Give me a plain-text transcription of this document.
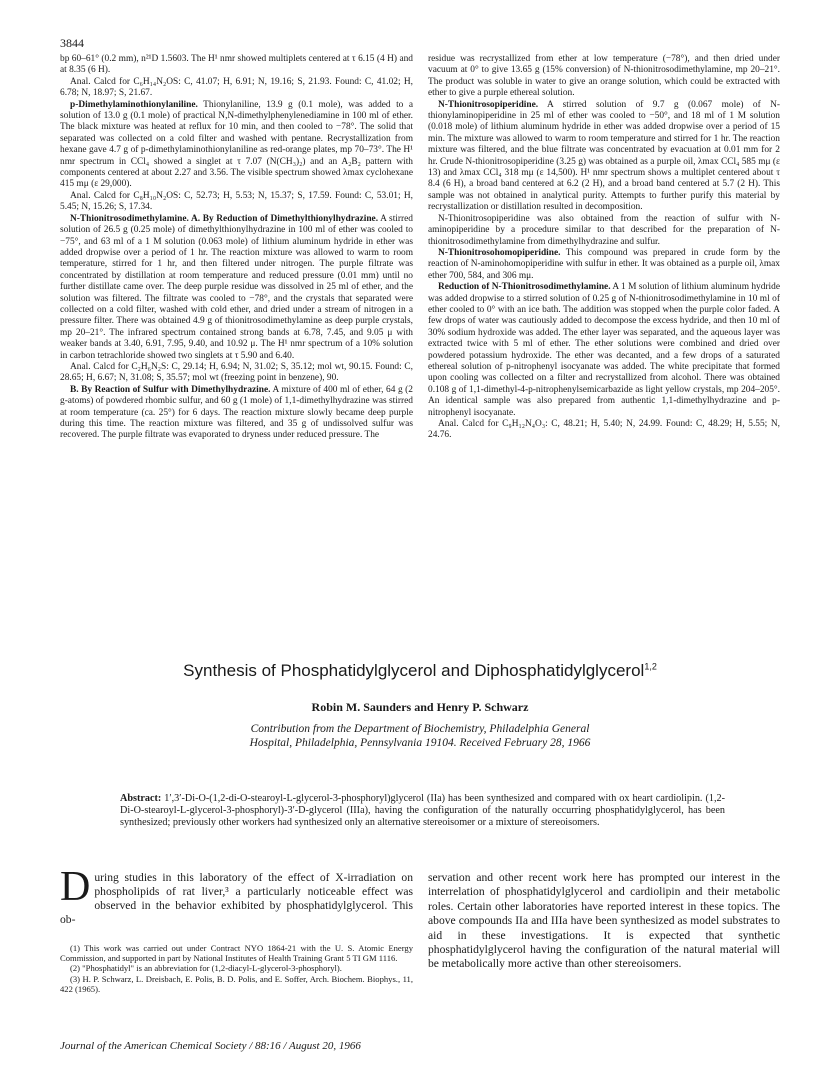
3844

bp 60–61° (0.2 mm), n²¹D 1.5603. The H¹ nmr showed multiplets centered at τ 6.15 (4 H) and at 8.35 (6 H).

Anal. Calcd for C₆H₁₄N₂OS: C, 41.07; H, 6.91; N, 19.16; S, 21.93. Found: C, 41.02; H, 6.78; N, 18.97; S, 21.67.

p-Dimethylaminothionylaniline. Thionylaniline, 13.9 g (0.1 mole), was added to a solution of 13.0 g (0.1 mole) of practical N,N-dimethylphenylenediamine in 100 ml of ether. The black mixture was heated at reflux for 10 min, and then cooled to −78°. The solid that separated was collected on a cold filter and washed with pentane. Recrystallization from hexane gave 4.7 g of p-dimethylaminothionylaniline as red-orange plates, mp 70–73°. The H¹ nmr spectrum in CCl₄ showed a singlet at τ 7.07 (N(CH₃)₂) and an A₂B₂ pattern with components centered at about 2.27 and 3.56. The visible spectrum showed λmax cyclohexane 415 mμ (ε 29,000).

Anal. Calcd for C₈H₁₀N₂OS: C, 52.73; H, 5.53; N, 15.37; S, 17.59. Found: C, 53.01; H, 5.45; N, 15.26; S, 17.34.

N-Thionitrosodimethylamine. A. By Reduction of Dimethylthionylhydrazine. A stirred solution of 26.5 g (0.25 mole) of dimethylthionylhydrazine in 100 ml of ether was cooled to −75°, and 63 ml of a 1 M solution (0.063 mole) of lithium aluminum hydride in ether was added dropwise over a period of 1 hr. The reaction mixture was allowed to warm to room temperature, stirred for 1 hr, and then filtered under nitrogen. The purple filtrate was concentrated by distillation at room temperature and reduced pressure (0.01 mm) until no further distillate came over. The deep purple residue was dissolved in 25 ml of ether, and the solution was filtered. The filtrate was cooled to −78°, and the crystals that separated were collected on a cold filter, washed with cold ether, and dried under a stream of nitrogen in a pressure filter. There was obtained 4.9 g of thionitrosodimethylamine as deep purple crystals, mp 20–21°. The infrared spectrum contained strong bands at 6.78, 7.45, and 9.05 μ with weaker bands at 3.40, 6.91, 7.95, 9.40, and 10.92 μ. The H¹ nmr spectrum of a 10% solution in carbon tetrachloride showed two singlets at τ 5.90 and 6.40.

Anal. Calcd for C₂H₆N₂S: C, 29.14; H, 6.94; N, 31.02; S, 35.12; mol wt, 90.15. Found: C, 28.65; H, 6.67; N, 31.08; S, 35.57; mol wt (freezing point in benzene), 90.

B. By Reaction of Sulfur with Dimethylhydrazine. A mixture of 400 ml of ether, 64 g (2 g-atoms) of powdered rhombic sulfur, and 60 g (1 mole) of 1,1-dimethylhydrazine was stirred at room temperature (ca. 25°) for 6 days. The reaction mixture slowly became deep purple during this time. The reaction mixture was filtered, and 35 g of undissolved sulfur was recovered. The purple filtrate was evaporated to dryness under reduced pressure. The

residue was recrystallized from ether at low temperature (−78°), and then dried under vacuum at 0° to give 13.65 g (15% conversion) of N-thionitrosodimethylamine, mp 20–21°. The product was soluble in water to give an orange solution, which could be extracted with ether to give a purple ethereal solution.

N-Thionitrosopiperidine. A stirred solution of 9.7 g (0.067 mole) of N-thionylaminopiperidine in 25 ml of ether was cooled to −50°, and 18 ml of 1 M solution (0.018 mole) of lithium aluminum hydride in ether was added dropwise over a period of 15 min. The mixture was allowed to warm to room temperature and stirred for 1 hr. The reaction mixture was filtered, and the blue filtrate was concentrated by evacuation at 0.01 mm for 2 hr. Crude N-thionitrosopiperidine (3.25 g) was obtained as a purple oil, λmax CCl₄ 585 mμ (ε 13) and λmax CCl₄ 318 mμ (ε 14,500). H¹ nmr spectrum shows a multiplet centered about τ 8.4 (6 H), a broad band centered at 6.2 (2 H), and a broad band centered at 5.7 (2 H). This sample was not obtained in analytical purity. Attempts to further purify this material by recrystallization or distillation resulted in decomposition.

N-Thionitrosopiperidine was also obtained from the reaction of sulfur with N-aminopiperidine by a procedure similar to that described for the preparation of N-thionitrosodimethylamine from dimethylhydrazine and sulfur.

N-Thionitrosohomopiperidine. This compound was prepared in crude form by the reaction of N-aminohomopiperidine with sulfur in ether. It was obtained as a purple oil, λmax ether 700, 584, and 306 mμ.

Reduction of N-Thionitrosodimethylamine. A 1 M solution of lithium aluminum hydride was added dropwise to a stirred solution of 0.25 g of N-thionitrosodimethylamine in 10 ml of ether cooled to 0° with an ice bath. The addition was stopped when the purple color faded. A few drops of water was cautiously added to decompose the excess hydride, and then 10 ml of 30% sodium hydroxide was added. The ether layer was separated, and the aqueous layer was extracted twice with 5 ml of ether. The ether solutions were combined and dried over powdered potassium hydroxide. The ether was decanted, and a few drops of a saturated ethereal solution of p-nitrophenyl isocyanate was added. The white precipitate that formed upon cooling was collected on a filter and recrystallized from alcohol. There was obtained 0.108 g of 1,1-dimethyl-4-p-nitrophenylsemicarbazide as light yellow crystals, mp 204–205°. An identical sample was also prepared from authentic 1,1-dimethylhydrazine and p-nitrophenyl isocyanate.

Anal. Calcd for C₉H₁₂N₄O₃: C, 48.21; H, 5.40; N, 24.99. Found: C, 48.29; H, 5.55; N, 24.76.

Synthesis of Phosphatidylglycerol and Diphosphatidylglycerol$^{1,2}$
Robin M. Saunders and Henry P. Schwarz
Contribution from the Department of Biochemistry, Philadelphia General
Hospital, Philadelphia, Pennsylvania 19104. Received February 28, 1966
Abstract: 1′,3′-Di-O-(1,2-di-O-stearoyl-L-glycerol-3-phosphoryl)glycerol (IIa) has been synthesized and compared with ox heart cardiolipin. (1,2-Di-O-stearoyl-L-glycerol-3-phosphoryl)-3′-D-glycerol (IIIa), having the configuration of the naturally occurring phosphatidylglycerol, has been synthesized; previously other workers had synthesized only an alternative stereoisomer or a mixture of stereoisomers.
During studies in this laboratory of the effect of X-irradiation on phospholipids of rat liver,³ a particularly noticeable effect was observed in the behavior exhibited by phosphatidylglycerol. This ob-

(1) This work was carried out under Contract NYO 1864-21 with the U. S. Atomic Energy Commission, and supported in part by National Institutes of Health Training Grant 5 TI GM 1116.

(2) "Phosphatidyl" is an abbreviation for (1,2-diacyl-L-glycerol-3-phosphoryl).

(3) H. P. Schwarz, L. Dreisbach, E. Polis, B. D. Polis, and E. Soffer, Arch. Biochem. Biophys., 11, 422 (1965).

servation and other recent work here has prompted our interest in the interrelation of phosphatidylglycerol and cardiolipin and their metabolic roles. Certain other laboratories have reported interest in these topics. The above compounds IIa and IIIa have been synthesized as model substrates to aid in these investigations. It is expected that synthetic phosphatidylglycerol having the configuration of the natural material will be metabolically more active than other stereoisomers.
Journal of the American Chemical Society / 88:16 / August 20, 1966
